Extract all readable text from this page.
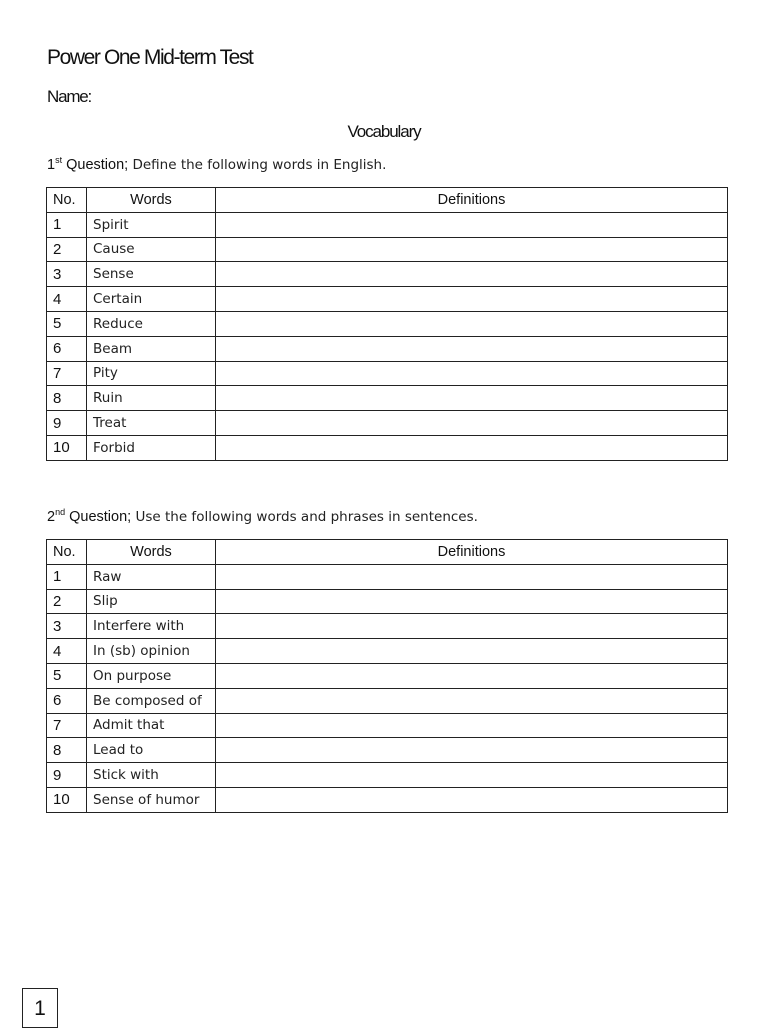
Power One Mid-term Test
Name:
Vocabulary
1st Question; Define the following words in English.
No.	Words	Definitions
1	Spirit	
2	Cause	
3	Sense	
4	Certain	
5	Reduce	
6	Beam	
7	Pity	
8	Ruin	
9	Treat	
10	Forbid	
2nd Question; Use the following words and phrases in sentences.
No.	Words	Definitions
1	Raw	
2	Slip	
3	Interfere with	
4	In (sb) opinion	
5	On purpose	
6	Be composed of	
7	Admit that	
8	Lead to	
9	Stick with	
10	Sense of humor	
1
